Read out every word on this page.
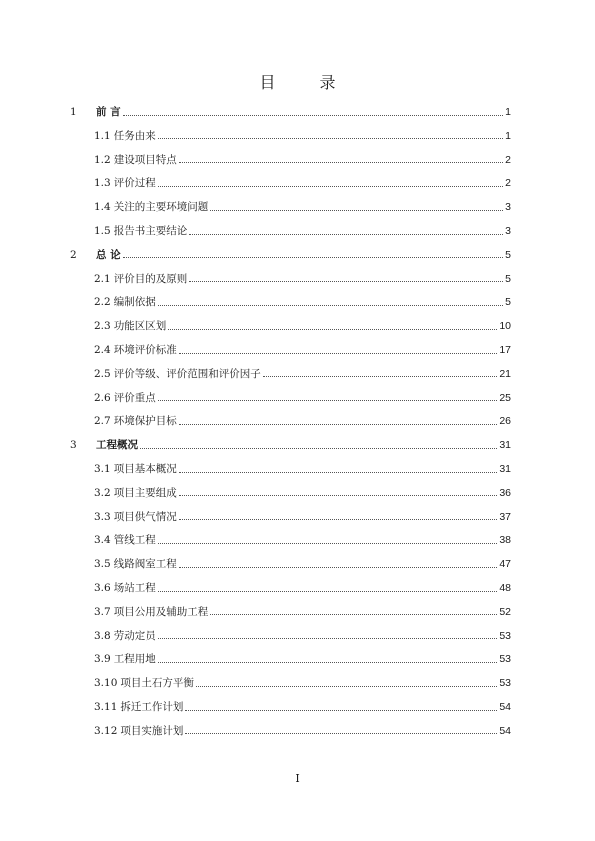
目　录
1	前 言	1
1.1 任务由来	1
1.2 建设项目特点	2
1.3 评价过程	2
1.4 关注的主要环境问题	3
1.5 报告书主要结论	3
2	总 论	5
2.1 评价目的及原则	5
2.2 编制依据	5
2.3 功能区区划	10
2.4 环境评价标准	17
2.5 评价等级、评价范围和评价因子	21
2.6 评价重点	25
2.7 环境保护目标	26
3	工程概况	31
3.1 项目基本概况	31
3.2 项目主要组成	36
3.3 项目供气情况	37
3.4 管线工程	38
3.5 线路阀室工程	47
3.6 场站工程	48
3.7 项目公用及辅助工程	52
3.8 劳动定员	53
3.9 工程用地	53
3.10 项目土石方平衡	53
3.11 拆迁工作计划	54
3.12 项目实施计划	54
I
